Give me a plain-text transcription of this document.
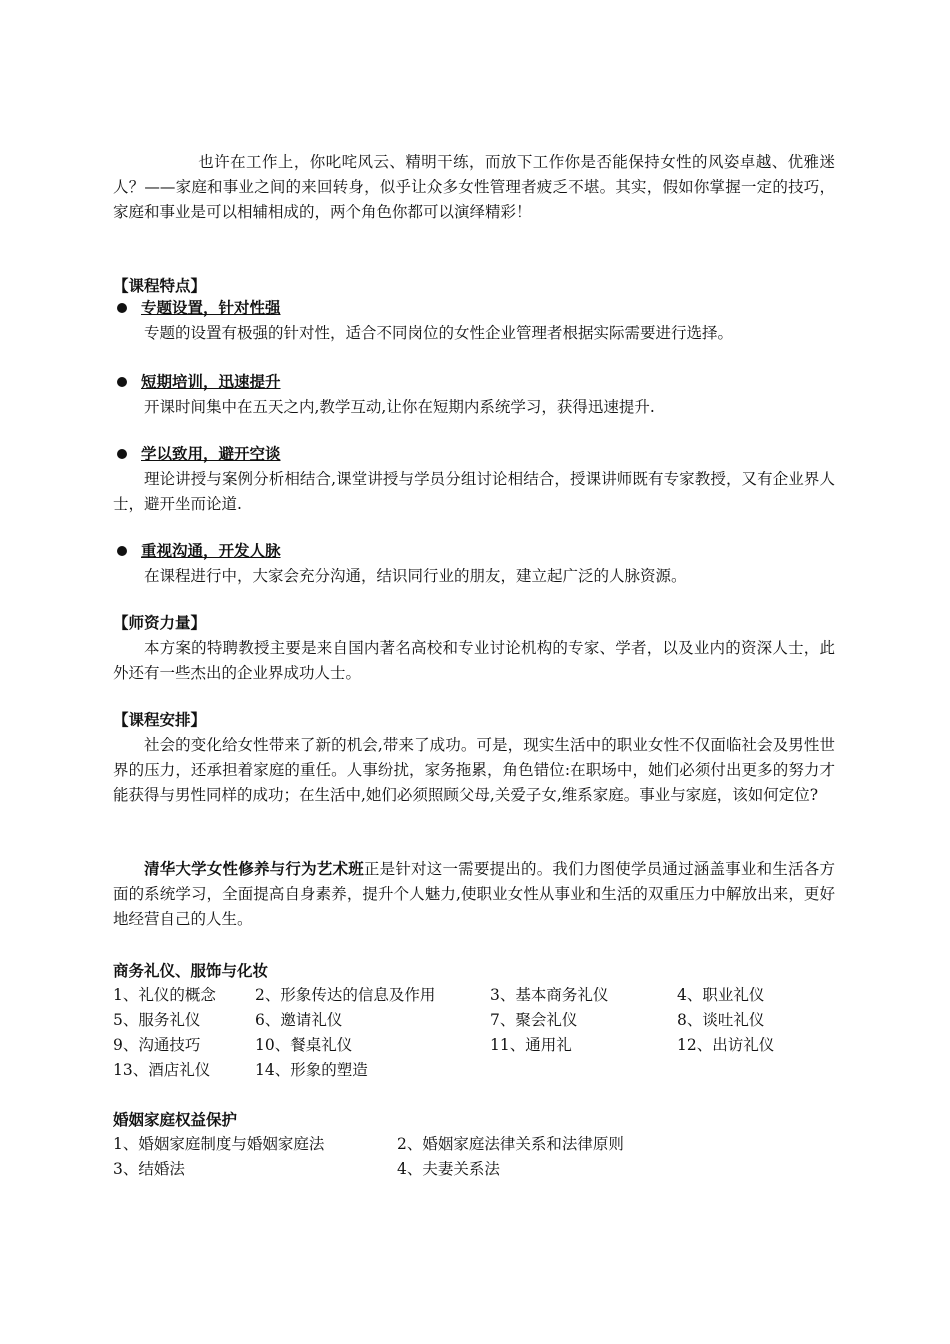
也许在工作上，你叱咤风云、精明干练，而放下工作你是否能保持女性的风姿卓越、优雅迷人？——家庭和事业之间的来回转身，似乎让众多女性管理者疲乏不堪。其实，假如你掌握一定的技巧，家庭和事业是可以相辅相成的，两个角色你都可以演绎精彩！

【课程特点】

专题设置，针对性强

专题的设置有极强的针对性，适合不同岗位的女性企业管理者根据实际需要进行选择。

短期培训，迅速提升

开课时间集中在五天之内,教学互动,让你在短期内系统学习，获得迅速提升.

学以致用，避开空谈

理论讲授与案例分析相结合,课堂讲授与学员分组讨论相结合，授课讲师既有专家教授，又有企业界人士，避开坐而论道.

重视沟通，开发人脉

在课程进行中，大家会充分沟通，结识同行业的朋友，建立起广泛的人脉资源。

【师资力量】

本方案的特聘教授主要是来自国内著名高校和专业讨论机构的专家、学者，以及业内的资深人士，此外还有一些杰出的企业界成功人士。

【课程安排】

社会的变化给女性带来了新的机会,带来了成功。可是，现实生活中的职业女性不仅面临社会及男性世界的压力，还承担着家庭的重任。人事纷扰，家务拖累，角色错位:在职场中，她们必须付出更多的努力才能获得与男性同样的成功；在生活中,她们必须照顾父母,关爱子女,维系家庭。事业与家庭，该如何定位?

清华大学女性修养与行为艺术班正是针对这一需要提出的。我们力图使学员通过涵盖事业和生活各方面的系统学习，全面提高自身素养，提升个人魅力,使职业女性从事业和生活的双重压力中解放出来，更好地经营自己的人生。

商务礼仪、服饰与化妆

1、礼仪的概念	2、形象传达的信息及作用	3、基本商务礼仪	4、职业礼仪
5、服务礼仪	6、邀请礼仪	7、聚会礼仪	8、谈吐礼仪
9、沟通技巧	10、餐桌礼仪	11、通用礼	12、出访礼仪
13、酒店礼仪	14、形象的塑造

婚姻家庭权益保护

1、婚姻家庭制度与婚姻家庭法	2、婚姻家庭法律关系和法律原则
3、结婚法	4、夫妻关系法
